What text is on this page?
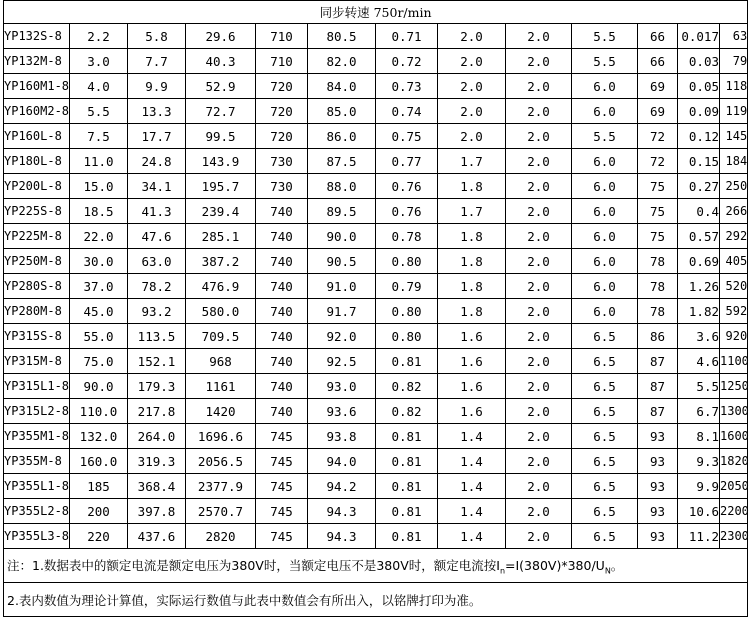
同步转速 750r/min												
YP132S-8	2.2	5.8	29.6	710	80.5	0.71	2.0	2.0	5.5	66	0.017	63
YP132M-8	3.0	7.7	40.3	710	82.0	0.72	2.0	2.0	5.5	66	0.03	79
YP160M1-8	4.0	9.9	52.9	720	84.0	0.73	2.0	2.0	6.0	69	0.05	118
YP160M2-8	5.5	13.3	72.7	720	85.0	0.74	2.0	2.0	6.0	69	0.09	119
YP160L-8	7.5	17.7	99.5	720	86.0	0.75	2.0	2.0	5.5	72	0.12	145
YP180L-8	11.0	24.8	143.9	730	87.5	0.77	1.7	2.0	6.0	72	0.15	184
YP200L-8	15.0	34.1	195.7	730	88.0	0.76	1.8	2.0	6.0	75	0.27	250
YP225S-8	18.5	41.3	239.4	740	89.5	0.76	1.7	2.0	6.0	75	0.4	266
YP225M-8	22.0	47.6	285.1	740	90.0	0.78	1.8	2.0	6.0	75	0.57	292
YP250M-8	30.0	63.0	387.2	740	90.5	0.80	1.8	2.0	6.0	78	0.69	405
YP280S-8	37.0	78.2	476.9	740	91.0	0.79	1.8	2.0	6.0	78	1.26	520
YP280M-8	45.0	93.2	580.0	740	91.7	0.80	1.8	2.0	6.0	78	1.82	592
YP315S-8	55.0	113.5	709.5	740	92.0	0.80	1.6	2.0	6.5	86	3.6	920
YP315M-8	75.0	152.1	968	740	92.5	0.81	1.6	2.0	6.5	87	4.6	1100
YP315L1-8	90.0	179.3	1161	740	93.0	0.82	1.6	2.0	6.5	87	5.5	1250
YP315L2-8	110.0	217.8	1420	740	93.6	0.82	1.6	2.0	6.5	87	6.7	1300
YP355M1-8	132.0	264.0	1696.6	745	93.8	0.81	1.4	2.0	6.5	93	8.1	1600
YP355M-8	160.0	319.3	2056.5	745	94.0	0.81	1.4	2.0	6.5	93	9.3	1820
YP355L1-8	185	368.4	2377.9	745	94.2	0.81	1.4	2.0	6.5	93	9.9	2050
YP355L2-8	200	397.8	2570.7	745	94.3	0.81	1.4	2.0	6.5	93	10.6	2200
YP355L3-8	220	437.6	2820	745	94.3	0.81	1.4	2.0	6.5	93	11.2	2300
注：1.数据表中的额定电流是额定电压为380V时，当额定电压不是380V时，额定电流按$I_n=I(380V)*380/U_N$。												
2.表内数值为理论计算值，实际运行数值与此表中数值会有所出入，以铭牌打印为准。												
